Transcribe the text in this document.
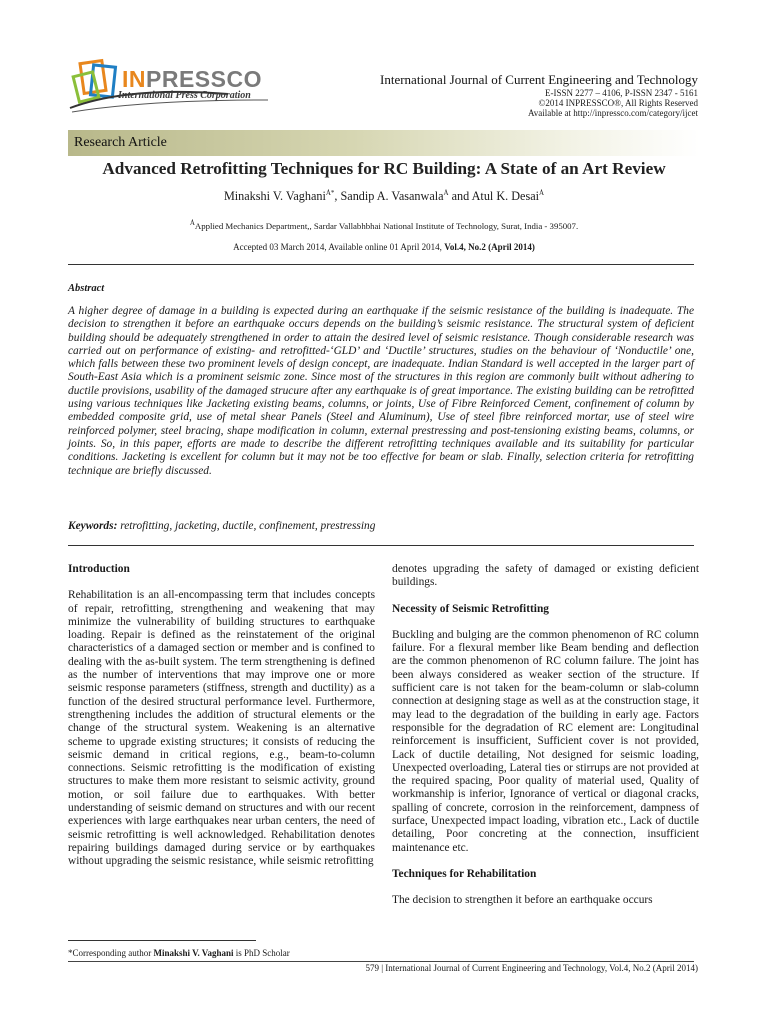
INPRESSCO
International Press Corporation
International Journal of Current Engineering and Technology
E-ISSN 2277 – 4106, P-ISSN 2347 - 5161
©2014 INPRESSCO®, All Rights Reserved
Available at http://inpressco.com/category/ijcet
Research Article
Advanced Retrofitting Techniques for RC Building: A State of an Art Review
Minakshi V. Vaghani$^{Ȧ*}$, Sandip A. Vasanwala$^Ȧ$ and Atul K. Desai$^Ȧ$
$^Ȧ$Applied Mechanics Department,, Sardar Vallabhbhai National Institute of Technology, Surat, India - 395007.
Accepted 03 March 2014, Available online 01 April 2014, Vol.4, No.2 (April 2014)
Abstract
A higher degree of damage in a building is expected during an earthquake if the seismic resistance of the building is inadequate. The decision to strengthen it before an earthquake occurs depends on the building’s seismic resistance. The structural system of deficient building should be adequately strengthened in order to attain the desired level of seismic resistance. Though considerable research was carried out on performance of existing- and retrofitted-‘GLD’ and ‘Ductile’ structures, studies on the behaviour of ‘Nonductile’ one, which falls between these two prominent levels of design concept, are inadequate. Indian Standard is well accepted in the larger part of South-East Asia which is a prominent seismic zone. Since most of the structures in this region are commonly built without adhering to ductile provisions, usability of the damaged strucure after any earthquake is of great importance. The existing building can be retrofitted using various techniques like Jacketing existing beams, columns, or joints, Use of Fibre Reinforced Cement, confinement of column by embedded composite grid, use of metal shear Panels (Steel and Aluminum), Use of steel fibre reinforced mortar, use of steel wire reinforced polymer, steel bracing, shape modification in column, external prestressing and post-tensioning existing beams, columns, or joints. So, in this paper, efforts are made to describe the different retrofitting techniques available and its suitability for particular conditions. Jacketing is excellent for column but it may not be too effective for beam or slab. Finally, selection criteria for retrofitting technique are briefly discussed.
Keywords: retrofitting, jacketing, ductile, confinement, prestressing
Introduction
Rehabilitation is an all-encompassing term that includes concepts of repair, retrofitting, strengthening and weakening that may minimize the vulnerability of building structures to earthquake loading. Repair is defined as the reinstatement of the original characteristics of a damaged section or member and is confined to dealing with the as-built system. The term strengthening is defined as the number of interventions that may improve one or more seismic response parameters (stiffness, strength and ductility) as a function of the desired structural performance level. Furthermore, strengthening includes the addition of structural elements or the change of the structural system. Weakening is an alternative scheme to upgrade existing structures; it consists of reducing the seismic demand in critical regions, e.g., beam-to-column connections. Seismic retrofitting is the modification of existing structures to make them more resistant to seismic activity, ground motion, or soil failure due to earthquakes. With better understanding of seismic demand on structures and with our recent experiences with large earthquakes near urban centers, the need of seismic retrofitting is well acknowledged. Rehabilitation denotes repairing buildings damaged during service or by earthquakes without upgrading the seismic resistance, while seismic retrofitting
denotes upgrading the safety of damaged or existing deficient buildings.
Necessity of Seismic Retrofitting
Buckling and bulging are the common phenomenon of RC column failure. For a flexural member like Beam bending and deflection are the common phenomenon of RC column failure. The joint has been always considered as weaker section of the structure. If sufficient care is not taken for the beam-column or slab-column connection at designing stage as well as at the construction stage, it may lead to the degradation of the building in early age. Factors responsible for the degradation of RC element are: Longitudinal reinforcement is insufficient, Sufficient cover is not provided, Lack of ductile detailing, Not designed for seismic loading, Unexpected overloading, Lateral ties or stirrups are not provided at the required spacing, Poor quality of material used, Quality of workmanship is inferior, Ignorance of vertical or diagonal cracks, spalling of concrete, corrosion in the reinforcement, dampness of surface, Unexpected impact loading, vibration etc., Lack of ductile detailing, Poor concreting at the connection, insufficient maintenance etc.
Techniques for Rehabilitation
The decision to strengthen it before an earthquake occurs
*Corresponding author Minakshi V. Vaghani is PhD Scholar
579 | International Journal of Current Engineering and Technology, Vol.4, No.2 (April 2014)
